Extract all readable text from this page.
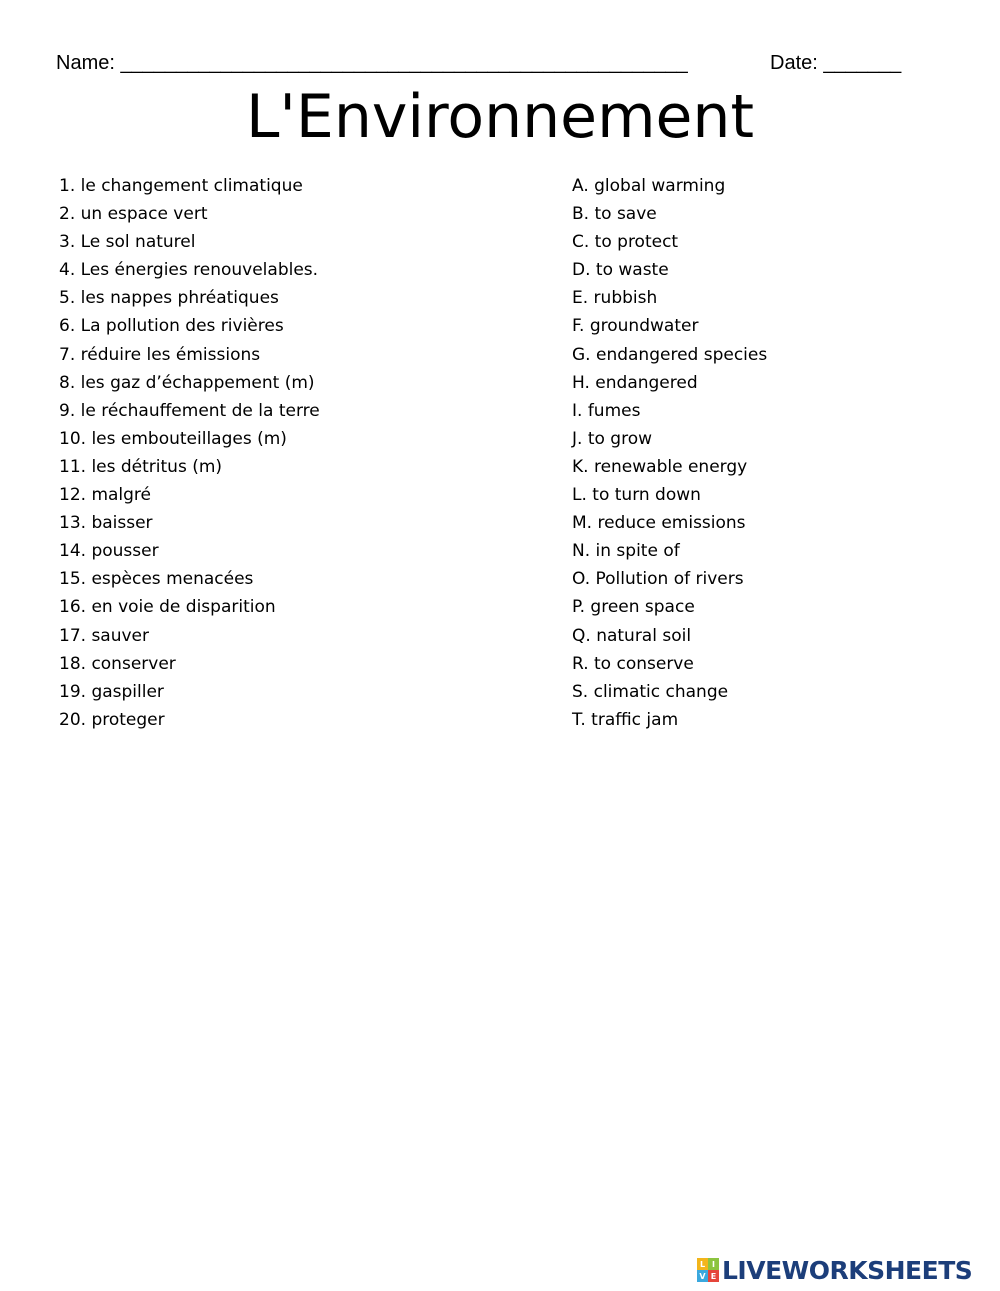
Name: ___________________________________________________	Date: _______
L'Environnement
1. le changement climatique
2. un espace vert
3. Le sol naturel
4. Les énergies renouvelables.
5. les nappes phréatiques
6. La pollution des rivières
7. réduire les émissions
8. les gaz d’échappement (m)
9. le réchauffement de la terre
10. les embouteillages (m)
11. les détritus (m)
12. malgré
13. baisser
14. pousser
15. espèces menacées
16. en voie de disparition
17. sauver
18. conserver
19. gaspiller
20. proteger
A. global warming
B. to save
C. to protect
D. to waste
E. rubbish
F. groundwater
G. endangered species
H. endangered
I. fumes
J. to grow
K. renewable energy
L. to turn down
M. reduce emissions
N. in spite of
O. Pollution of rivers
P. green space
Q. natural soil
R. to conserve
S. climatic change
T. traffic jam
L I
V E LIVEWORKSHEETS
